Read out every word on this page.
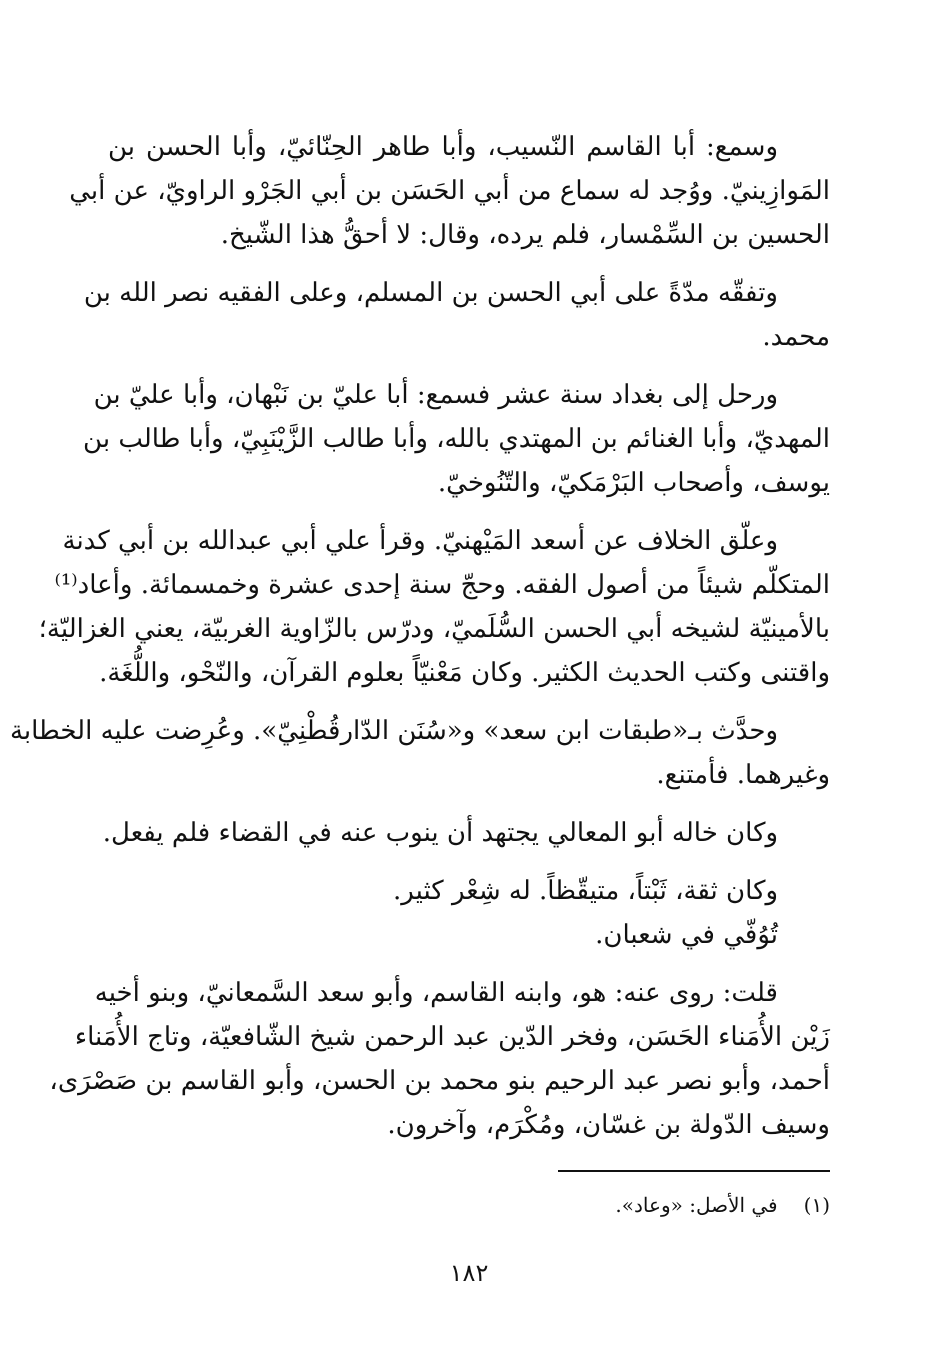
وسمع: أبا القاسم النّسيب، وأبا طاهر الحِنّائيّ، وأبا الحسن بن
المَوازِينيّ. ووُجد له سماع من أبي الحَسَن بن أبي الجَرْو الراويّ، عن أبي
الحسين بن السِّمْسار، فلم يرده، وقال: لا أحقُّ هذا الشّيخ.
وتفقّه مدّةً على أبي الحسن بن المسلم، وعلى الفقيه نصر الله بن
محمد.
ورحل إلى بغداد سنة عشر فسمع: أبا عليّ بن نَبْهان، وأبا عليّ بن
المهديّ، وأبا الغنائم بن المهتدي بالله، وأبا طالب الزَّيْنَبِيّ، وأبا طالب بن
يوسف، وأصحاب البَرْمَكيّ، والتّنُوخيّ.
وعلّق الخلاف عن أسعد المَيْهنيّ. وقرأ علي أبي عبدالله بن أبي كدنة
المتكلّم شيئاً من أصول الفقه. وحجّ سنة إحدى عشرة وخمسمائة. وأعاد⁽¹⁾
بالأمينيّة لشيخه أبي الحسن السُّلَميّ، ودرّس بالزّاوية الغربيّة، يعني الغزاليّة؛
واقتنى وكتب الحديث الكثير. وكان مَعْنيّاً بعلوم القرآن، والنّحْو، واللُّغَة.
وحدَّث بـ«طبقات ابن سعد» و«سُنَن الدّارقُطْنِيّ». وعُرِضت عليه الخطابة
وغيرهما. فأمتنع.
وكان خاله أبو المعالي يجتهد أن ينوب عنه في القضاء فلم يفعل.
وكان ثقة، ثَبْتاً، متيقّظاً. له شِعْر كثير.
تُوُفّي في شعبان.
قلت: روى عنه: هو، وابنه القاسم، وأبو سعد السَّمعانيّ، وبنو أخيه
زَيْن الأُمَناء الحَسَن، وفخر الدّين عبد الرحمن شيخ الشّافعيّة، وتاج الأُمَناء
أحمد، وأبو نصر عبد الرحيم بنو محمد بن الحسن، وأبو القاسم بن صَصْرَى،
وسيف الدّولة بن غسّان، ومُكْرَم، وآخرون.
(١)في الأصل: «وعاد».
١٨٢
